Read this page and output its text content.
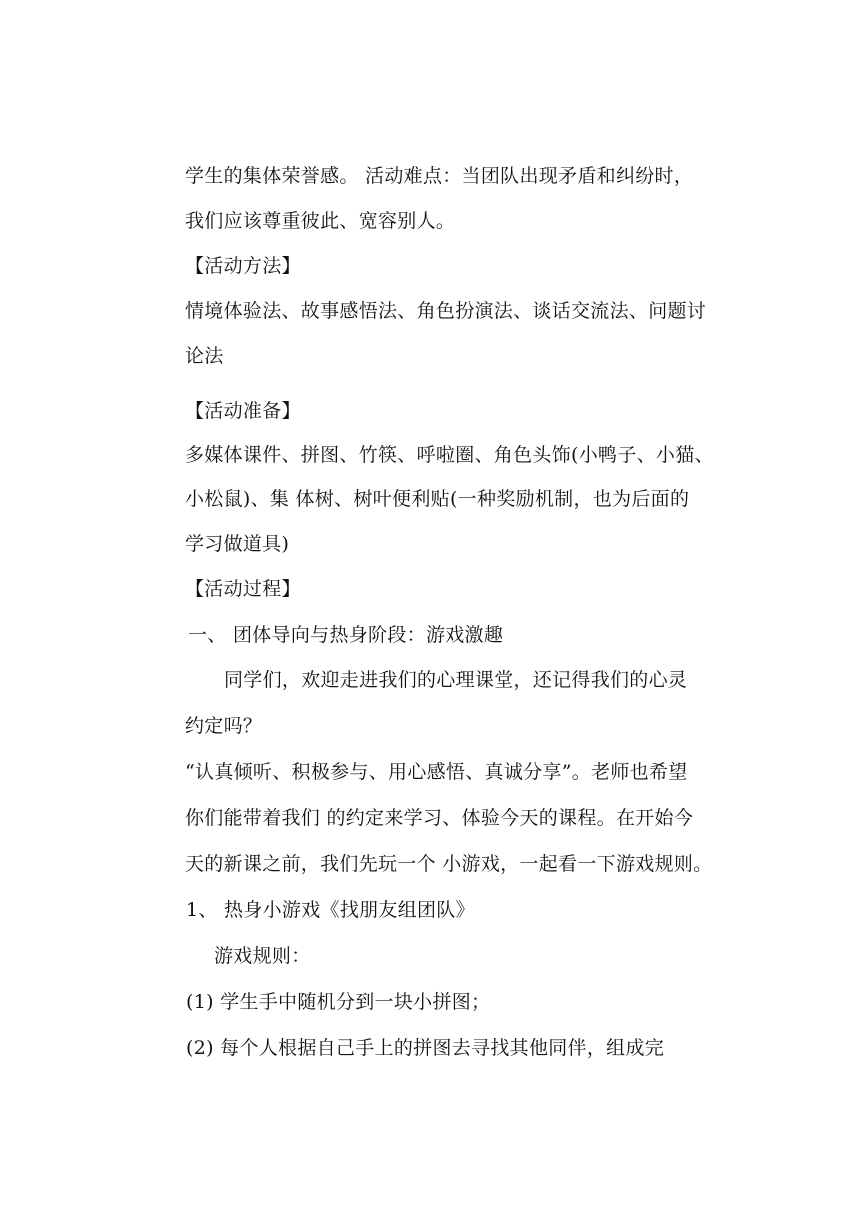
学生的集体荣誉感。 活动难点：当团队出现矛盾和纠纷时，
我们应该尊重彼此、宽容别人。
【活动方法】
情境体验法、故事感悟法、角色扮演法、谈话交流法、问题讨
论法
【活动准备】
多媒体课件、拼图、竹筷、呼啦圈、角色头饰(小鸭子、小猫、
小松鼠)、集 体树、树叶便利贴(一种奖励机制，也为后面的
学习做道具)
【活动过程】
一、 团体导向与热身阶段：游戏激趣
同学们，欢迎走进我们的心理课堂，还记得我们的心灵
约定吗？
“认真倾听、积极参与、用心感悟、真诚分享”。老师也希望
你们能带着我们 的约定来学习、体验今天的课程。在开始今
天的新课之前，我们先玩一个 小游戏，一起看一下游戏规则。
1、 热身小游戏《找朋友组团队》
游戏规则：
(1) 学生手中随机分到一块小拼图；
(2) 每个人根据自己手上的拼图去寻找其他同伴，组成完
